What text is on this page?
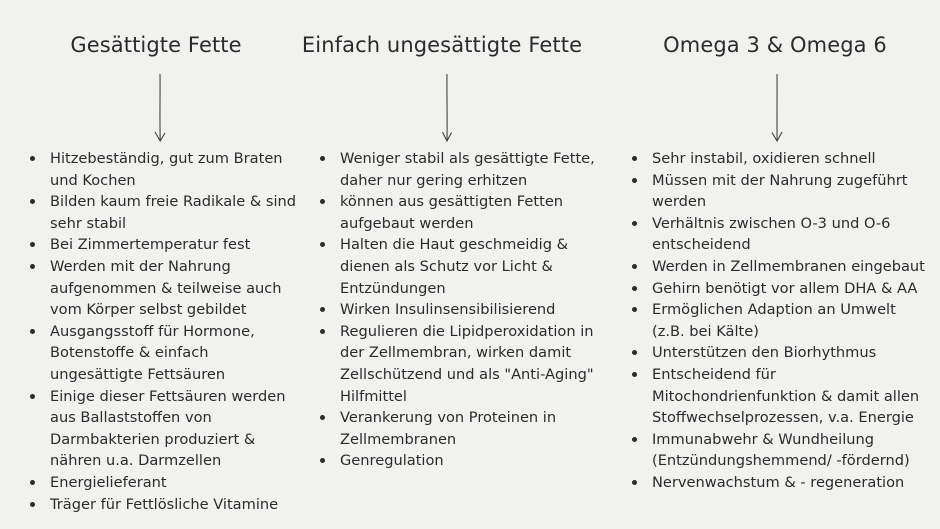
Gesättigte Fette	Einfach ungesättigte Fette	Omega 3 & Omega 6
Hitzebeständig, gut zum Braten und Kochen
Bilden kaum freie Radikale & sind sehr stabil
Bei Zimmertemperatur fest
Werden mit der Nahrung aufgenommen & teilweise auch vom Körper selbst gebildet
Ausgangsstoff für Hormone, Botenstoffe & einfach ungesättigte Fettsäuren
Einige dieser Fettsäuren werden aus Ballaststoffen von Darmbakterien produziert & nähren u.a. Darmzellen
Energielieferant
Träger für Fettlösliche Vitamine
Weniger stabil als gesättigte Fette, daher nur gering erhitzen
können aus gesättigten Fetten aufgebaut werden
Halten die Haut geschmeidig & dienen als Schutz vor Licht & Entzündungen
Wirken Insulinsensibilisierend
Regulieren die Lipidperoxidation in der Zellmembran, wirken damit Zellschützend und als "Anti-Aging" Hilfmittel
Verankerung von Proteinen in Zellmembranen
Genregulation
Sehr instabil, oxidieren schnell
Müssen mit der Nahrung zugeführt werden
Verhältnis zwischen O-3 und O-6 entscheidend
Werden in Zellmembranen eingebaut
Gehirn benötigt vor allem DHA & AA
Ermöglichen Adaption an Umwelt (z.B. bei Kälte)
Unterstützen den Biorhythmus
Entscheidend für Mitochondrienfunktion & damit allen Stoffwechselprozessen, v.a. Energie
Immunabwehr & Wundheilung (Entzündungshemmend/ -fördernd)
Nervenwachstum & - regeneration
